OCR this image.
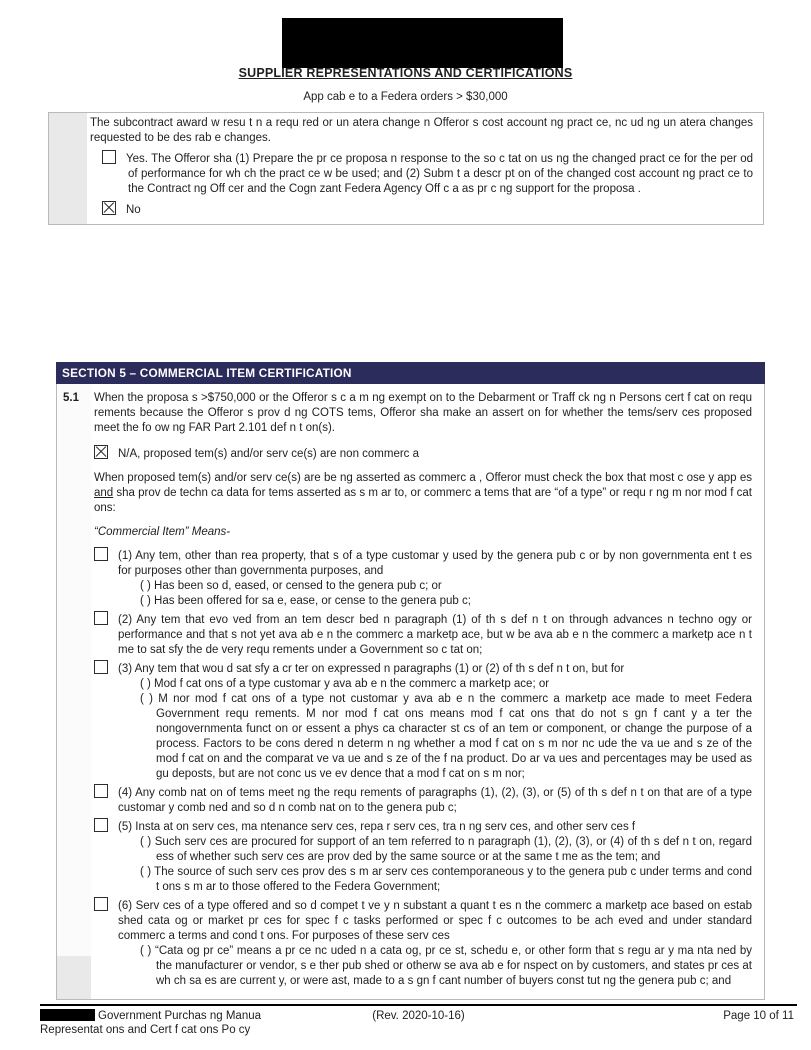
SUPPLIER REPRESENTATIONS AND CERTIFICATIONS
App cab e to a Federa orders > $30,000

The subcontract award w resu t n a requ red or un atera change n Offeror s cost account ng pract ce, nc ud ng un atera changes requested to be des rab e changes.

Yes. The Offeror sha (1) Prepare the pr ce proposa n response to the so c tat on us ng the changed pract ce for the per od of performance for wh ch the pract ce w be used; and (2) Subm t a descr pt on of the changed cost account ng pract ce to the Contract ng Off cer and the Cogn zant Federa Agency Off c a as pr c ng support for the proposa .
No
SECTION 5 – COMMERCIAL ITEM CERTIFICATION
5.1	When the proposa s >$750,000 or the Offeror s c a m ng exempt on to the Debarment or Traff ck ng n Persons cert f cat on requ rements because the Offeror s prov d ng COTS tems, Offeror sha make an assert on for whether the tems/serv ces proposed meet the fo ow ng FAR Part 2.101 def n t on(s).

N/A, proposed tem(s) and/or serv ce(s) are non commerc a

When proposed tem(s) and/or serv ce(s) are be ng asserted as commerc a , Offeror must check the box that most c ose y app es and sha prov de techn ca data for tems asserted as s m ar to, or commerc a tems that are “of a type” or requ r ng m nor mod f cat ons:

“Commercial Item” Means-

(1) Any tem, other than rea property, that s of a type customar y used by the genera pub c or by non governmenta ent t es for purposes other than governmenta purposes, and
( ) Has been so d, eased, or censed to the genera pub c; or
( ) Has been offered for sa e, ease, or cense to the genera pub c;
(2) Any tem that evo ved from an tem descr bed n paragraph (1) of th s def n t on through advances n techno ogy or performance and that s not yet ava ab e n the commerc a marketp ace, but w be ava ab e n the commerc a marketp ace n t me to sat sfy the de very requ rements under a Government so c tat on;
(3) Any tem that wou d sat sfy a cr ter on expressed n paragraphs (1) or (2) of th s def n t on, but for
( ) Mod f cat ons of a type customar y ava ab e n the commerc a marketp ace; or
( ) M nor mod f cat ons of a type not customar y ava ab e n the commerc a marketp ace made to meet Federa Government requ rements. M nor mod f cat ons means mod f cat ons that do not s gn f cant y a ter the nongovernmenta funct on or essent a phys ca character st cs of an tem or component, or change the purpose of a process. Factors to be cons dered n determ n ng whether a mod f cat on s m nor nc ude the va ue and s ze of the mod f cat on and the comparat ve va ue and s ze of the f na product. Do ar va ues and percentages may be used as gu deposts, but are not conc us ve ev dence that a mod f cat on s m nor;
(4) Any comb nat on of tems meet ng the requ rements of paragraphs (1), (2), (3), or (5) of th s def n t on that are of a type customar y comb ned and so d n comb nat on to the genera pub c;
(5) Insta at on serv ces, ma ntenance serv ces, repa r serv ces, tra n ng serv ces, and other serv ces f
( ) Such serv ces are procured for support of an tem referred to n paragraph (1), (2), (3), or (4) of th s def n t on, regard ess of whether such serv ces are prov ded by the same source or at the same t me as the tem; and
( ) The source of such serv ces prov des s m ar serv ces contemporaneous y to the genera pub c under terms and cond t ons s m ar to those offered to the Federa Government;
(6) Serv ces of a type offered and so d compet t ve y n substant a quant t es n the commerc a marketp ace based on estab shed cata og or market pr ces for spec f c tasks performed or spec f c outcomes to be ach eved and under standard commerc a terms and cond t ons. For purposes of these serv ces
( ) “Cata og pr ce” means a pr ce nc uded n a cata og, pr ce st, schedu e, or other form that s regu ar y ma nta ned by the manufacturer or vendor, s e ther pub shed or otherw se ava ab e for nspect on by customers, and states pr ces at wh ch sa es are current y, or were ast, made to a s gn f cant number of buyers const tut ng the genera pub c; and
Government Purchas ng Manua	(Rev. 2020-10-16)	Page 10 of 11
Representat ons and Cert f cat ons Po cy
